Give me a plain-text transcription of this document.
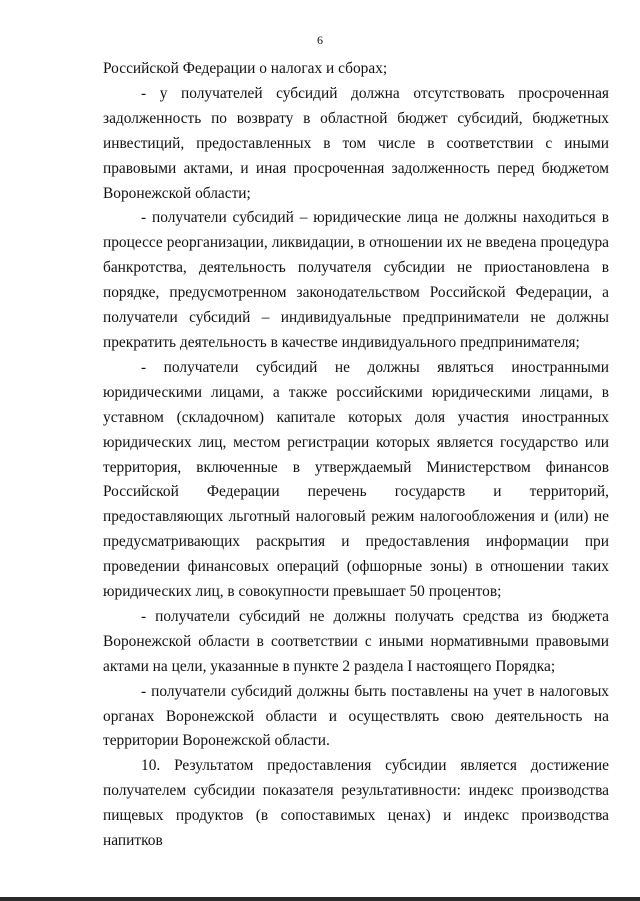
6

Российской Федерации о налогах и сборах;

- у получателей субсидий должна отсутствовать просроченная задолженность по возврату в областной бюджет субсидий, бюджетных инвестиций, предоставленных в том числе в соответствии с иными правовыми актами, и иная просроченная задолженность перед бюджетом Воронежской области;

- получатели субсидий – юридические лица не должны находиться в процессе реорганизации, ликвидации, в отношении их не введена процедура банкротства, деятельность получателя субсидии не приостановлена в порядке, предусмотренном законодательством Российской Федерации, а получатели субсидий – индивидуальные предприниматели не должны прекратить деятельность в качестве индивидуального предпринимателя;

- получатели субсидий не должны являться иностранными юридическими лицами, а также российскими юридическими лицами, в уставном (складочном) капитале которых доля участия иностранных юридических лиц, местом регистрации которых является государство или территория, включенные в утверждаемый Министерством финансов Российской Федерации перечень государств и территорий, предоставляющих льготный налоговый режим налогообложения и (или) не предусматривающих раскрытия и предоставления информации при проведении финансовых операций (офшорные зоны) в отношении таких юридических лиц, в совокупности превышает 50 процентов;

- получатели субсидий не должны получать средства из бюджета Воронежской области в соответствии с иными нормативными правовыми актами на цели, указанные в пункте 2 раздела I настоящего Порядка;

- получатели субсидий должны быть поставлены на учет в налоговых органах Воронежской области и осуществлять свою деятельность на территории Воронежской области.

10. Результатом предоставления субсидии является достижение получателем субсидии показателя результативности: индекс производства пищевых продуктов (в сопоставимых ценах) и индекс производства напитков
